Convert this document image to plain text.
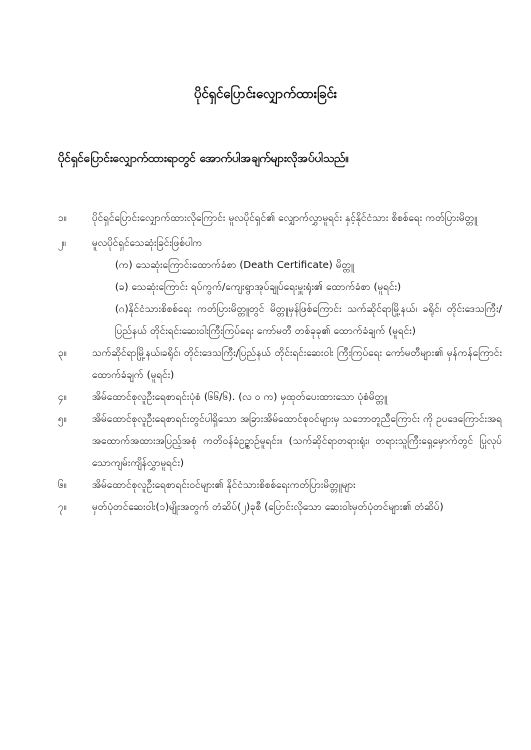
ပိုင်ရှင်ပြောင်းလျှောက်ထားခြင်း
ပိုင်ရှင်ပြောင်းလျှောက်ထားရာတွင် အောက်ပါအချက်များလိုအပ်ပါသည်။
၁။	ပိုင်ရှင်ပြောင်းလျှောက်ထားလိုကြောင်း မူလပိုင်ရှင်၏ လျှောက်လွှာမူရင်း နှင့်နိုင်ငံသား စိစစ်ရေး ကတ်ပြားမိတ္တူ
၂။	မူလပိုင်ရှင်သေဆုံးခြင်းဖြစ်ပါက
(က) သေဆုံးကြောင်းထောက်ခံစာ (Death Certificate) မိတ္တူ
(ခ) သေဆုံးကြောင်း ရပ်ကွက်/ကျေးရွာအုပ်ချုပ်ရေးမှူးရုံး၏ ထောက်ခံစာ (မူရင်း)
(ဂ)နိုင်ငံသားစိစစ်ရေး ကတ်ပြားမိတ္တူတွင် မိတ္တူမှန်ဖြစ်ကြောင်း သက်ဆိုင်ရာမြို့နယ်၊ ခရိုင်၊ တိုင်းဒေသကြီး/ပြည်နယ် တိုင်းရင်းဆေး၀ါးကြီးကြပ်ရေး ကော်မတီ တစ်ခုခု၏ ထောက်ခံချက် (မူရင်း)
၃။	သက်ဆိုင်ရာမြို့နယ်၊ခရိုင်၊ တိုင်းဒေသကြီး/ပြည်နယ် တိုင်းရင်းဆေး၀ါး ကြီးကြပ်ရေး ကော်မတီများ၏ မှန်ကန်ကြောင်းထောက်ခံချက် (မူရင်း)
၄။	အိမ်ထောင်စုလူဦးရေစာရင်းပုံစံ (၆၆/၆). (လ ဝ က) မှထုတ်ပေးထားသော ပုံစံမိတ္တူ
၅။	အိမ်ထောင်စုလူဦးရေစာရင်းတွင်ပါရှိသော အခြားအိမ်ထောင်စုဝင်များမှ သဘောတူညီကြောင်း ကို ဥပဒေကြောင်းအရ အထောက်အထားအပြည့်အစုံ ကတိ၀န်ခံဥဉ္ဇာဥ်မူရင်း။ (သက်ဆိုင်ရာတရားရုံး၊ တရားသူကြီးရှေ့မှောက်တွင် ပြုလုပ်သောကျမ်းကျိန်လွှာမူရင်း)
၆။	အိမ်ထောင်စုလူဦးရေစာရင်း၀င်များ၏ နိုင်ငံသားစိစစ်ရေးကတ်ပြားမိတ္တူများ
၇။	မှတ်ပုံတင်ဆေး၀ါး(၁)မျိုးအတွက် တံဆိပ်(၂)ခုစီ (ပြောင်းလိုသော ဆေး၀ါးမှတ်ပုံတင်များ၏ တံဆိပ်)
